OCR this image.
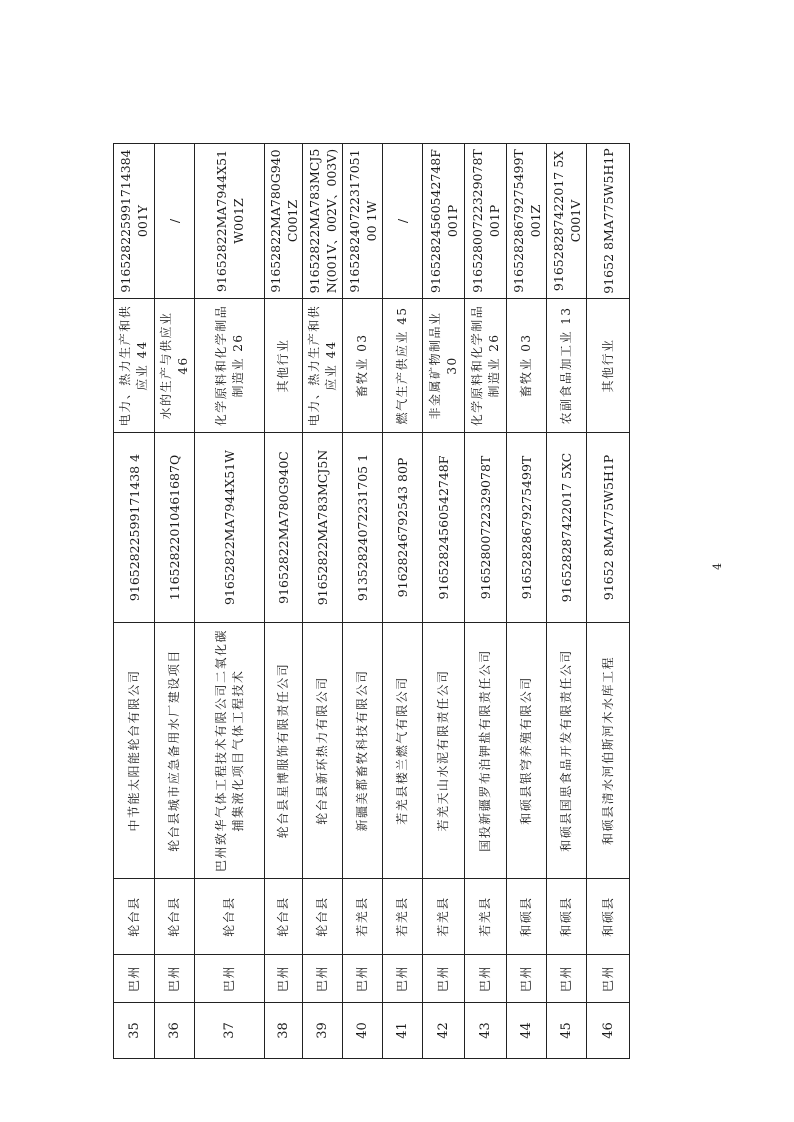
35
巴州
轮台县
中节能太阳能轮台有限公司
91652822599171438 4
电力、热力生产和供应业 44
916528225991714384001Y
36
巴州
轮台县
轮台县城市应急备用水厂建设项目
11652822010461687Q
水的生产与供应业 46
/
37
巴州
轮台县
巴州致华气体工程技术有限公司二氧化碳捕集液化项目气体工程技术
91652822MA7944X51W
化学原料和化学制品制造业 26
91652822MA7944X51W001Z
38
巴州
轮台县
轮台县星博服饰有限责任公司
91652822MA780G940C
其他行业
91652822MA780G940C001Z
39
巴州
轮台县
轮台县新环热力有限公司
91652822MA783MCJ5N
电力、热力生产和供应业 44
91652822MA783MCJ5N(001V、002V、003V)
40
巴州
若羌县
新疆美都畜牧科技有限公司
91352824072231705 1
畜牧业 03
91652824072231705100 1W
41
巴州
若羌县
若羌县楼兰燃气有限公司
91628246792543 80P
燃气生产供应业 45
/
42
巴州
若羌县
若羌天山水泥有限责任公司
91652824560542748F
非金属矿物制品业 30
91652824560542748F001P
43
巴州
若羌县
国投新疆罗布泊钾盐有限责任公司
91652800722329078T
化学原料和化学制品制造业 26
91652800722329078T001P
44
巴州
和硕县
和硕县银穹养殖有限公司
91652828679275499T
畜牧业 03
91652828679275499T001Z
45
巴州
和硕县
和硕县国思食品开发有限责任公司
916528287422017 5XC
农副食品加工业 13
916528287422017 5XC001V
46
巴州
和硕县
和硕县清水河伯斯河木水库工程
91652 8MA775W5H1P
其他行业
91652 8MA775W5H1P
4
